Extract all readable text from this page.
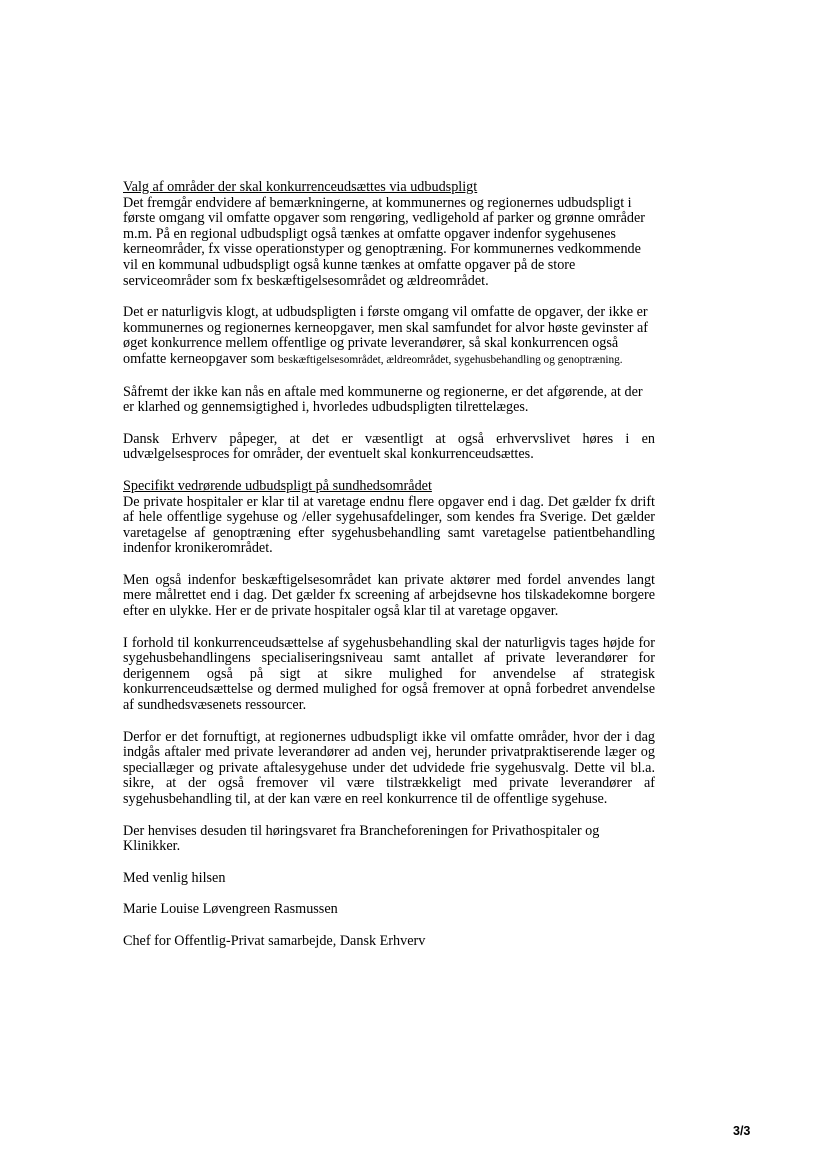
Valg af områder der skal konkurrenceudsættes via udbudspligt
Det fremgår endvidere af bemærkningerne, at kommunernes og regionernes udbudspligt i første omgang vil omfatte opgaver som rengøring, vedligehold af parker og grønne områder m.m. På en regional udbudspligt også tænkes at omfatte opgaver indenfor sygehusenes kerneområder, fx visse operationstyper og genoptræning. For kommunernes vedkommende vil en kommunal udbudspligt også kunne tænkes at omfatte opgaver på de store serviceområder som fx beskæftigelsesområdet og ældreområdet.

Det er naturligvis klogt, at udbudspligten i første omgang vil omfatte de opgaver, der ikke er kommunernes og regionernes kerneopgaver, men skal samfundet for alvor høste gevinster af øget konkurrence mellem offentlige og private leverandører, så skal konkurrencen også omfatte kerneopgaver som beskæftigelsesområdet, ældreområdet, sygehusbehandling og genoptræning.

Såfremt der ikke kan nås en aftale med kommunerne og regionerne, er det afgørende, at der er klarhed og gennemsigtighed i, hvorledes udbudspligten tilrettelæges.

Dansk Erhverv påpeger, at det er væsentligt at også erhvervslivet høres i en udvælgelsesproces for områder, der eventuelt skal konkurrenceudsættes.

Specifikt vedrørende udbudspligt på sundhedsområdet
De private hospitaler er klar til at varetage endnu flere opgaver end i dag. Det gælder fx drift af hele offentlige sygehuse og /eller sygehusafdelinger, som kendes fra Sverige. Det gælder varetagelse af genoptræning efter sygehusbehandling samt varetagelse patientbehandling indenfor kronikerområdet.

Men også indenfor beskæftigelsesområdet kan private aktører med fordel anvendes langt mere målrettet end i dag. Det gælder fx screening af arbejdsevne hos tilskadekomne borgere efter en ulykke. Her er de private hospitaler også klar til at varetage opgaver.

I forhold til konkurrenceudsættelse af sygehusbehandling skal der naturligvis tages højde for sygehusbehandlingens specialiseringsniveau samt antallet af private leverandører for derigennem også på sigt at sikre mulighed for anvendelse af strategisk konkurrenceudsættelse og dermed mulighed for også fremover at opnå forbedret anvendelse af sundhedsvæsenets ressourcer.

Derfor er det fornuftigt, at regionernes udbudspligt ikke vil omfatte områder, hvor der i dag indgås aftaler med private leverandører ad anden vej, herunder privatpraktiserende læger og speciallæger og private aftalesygehuse under det udvidede frie sygehusvalg. Dette vil bl.a. sikre, at der også fremover vil være tilstrækkeligt med private leverandører af sygehusbehandling til, at der kan være en reel konkurrence til de offentlige sygehuse.

Der henvises desuden til høringsvaret fra Brancheforeningen for Privathospitaler og Klinikker.

Med venlig hilsen

Marie Louise Løvengreen Rasmussen

Chef for Offentlig-Privat samarbejde, Dansk Erhverv

3/3
